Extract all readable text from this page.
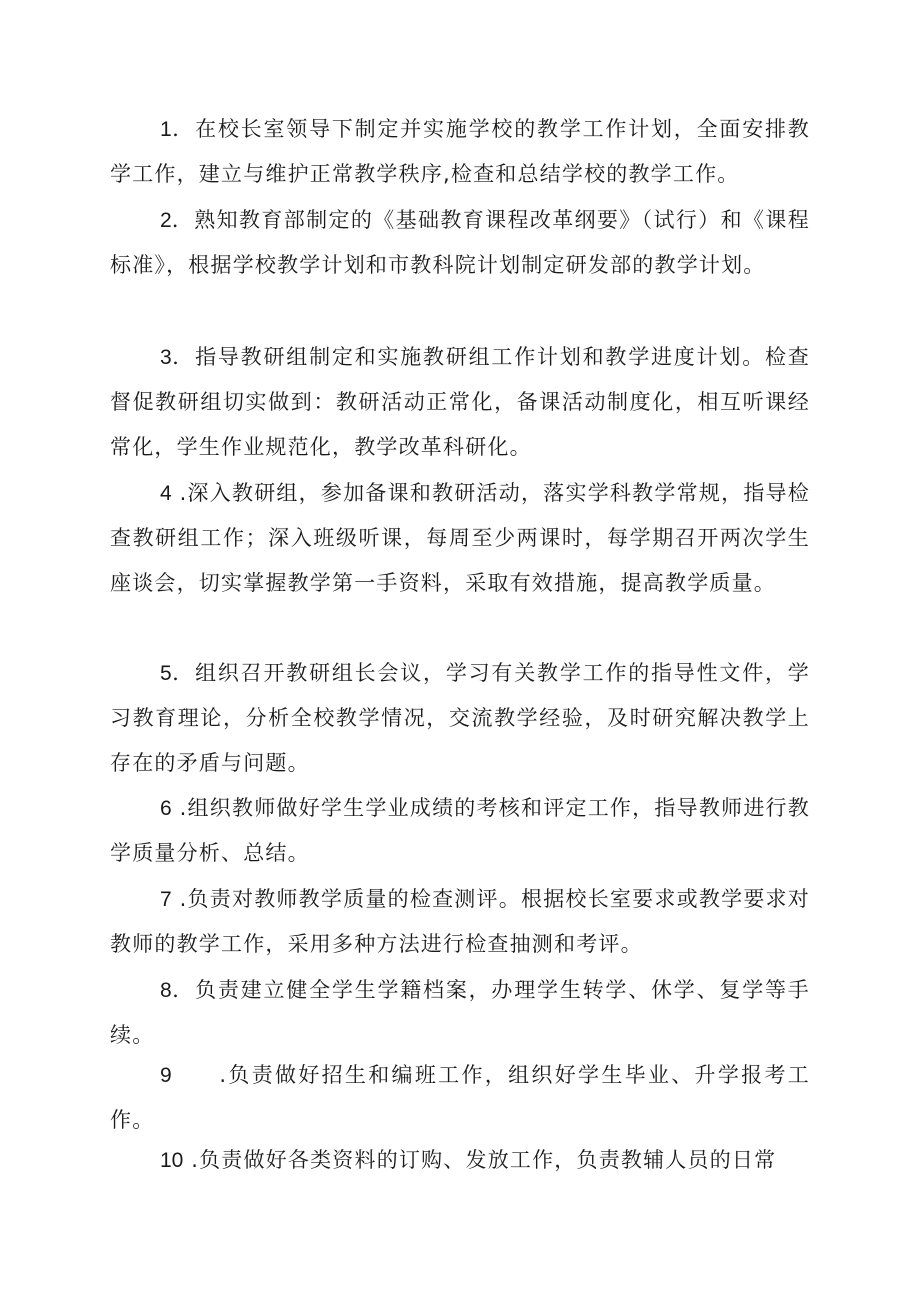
1．在校长室领导下制定并实施学校的教学工作计划，全面安排教学工作，建立与维护正常教学秩序,检查和总结学校的教学工作。

2．熟知教育部制定的《基础教育课程改革纲要》（试行）和《课程标准》，根据学校教学计划和市教科院计划制定研发部的教学计划。

3．指导教研组制定和实施教研组工作计划和教学进度计划。检查督促教研组切实做到：教研活动正常化，备课活动制度化，相互听课经常化，学生作业规范化，教学改革科研化。

4 .深入教研组，参加备课和教研活动，落实学科教学常规，指导检查教研组工作；深入班级听课，每周至少两课时，每学期召开两次学生座谈会，切实掌握教学第一手资料，采取有效措施，提高教学质量。

5．组织召开教研组长会议，学习有关教学工作的指导性文件，学习教育理论，分析全校教学情况，交流教学经验，及时研究解决教学上存在的矛盾与问题。

6 .组织教师做好学生学业成绩的考核和评定工作，指导教师进行教学质量分析、总结。

7 .负责对教师教学质量的检查测评。根据校长室要求或教学要求对教师的教学工作，采用多种方法进行检查抽测和考评。

8．负责建立健全学生学籍档案，办理学生转学、休学、复学等手续。

9　　.负责做好招生和编班工作，组织好学生毕业、升学报考工作。

10 .负责做好各类资料的订购、发放工作，负责教辅人员的日常
